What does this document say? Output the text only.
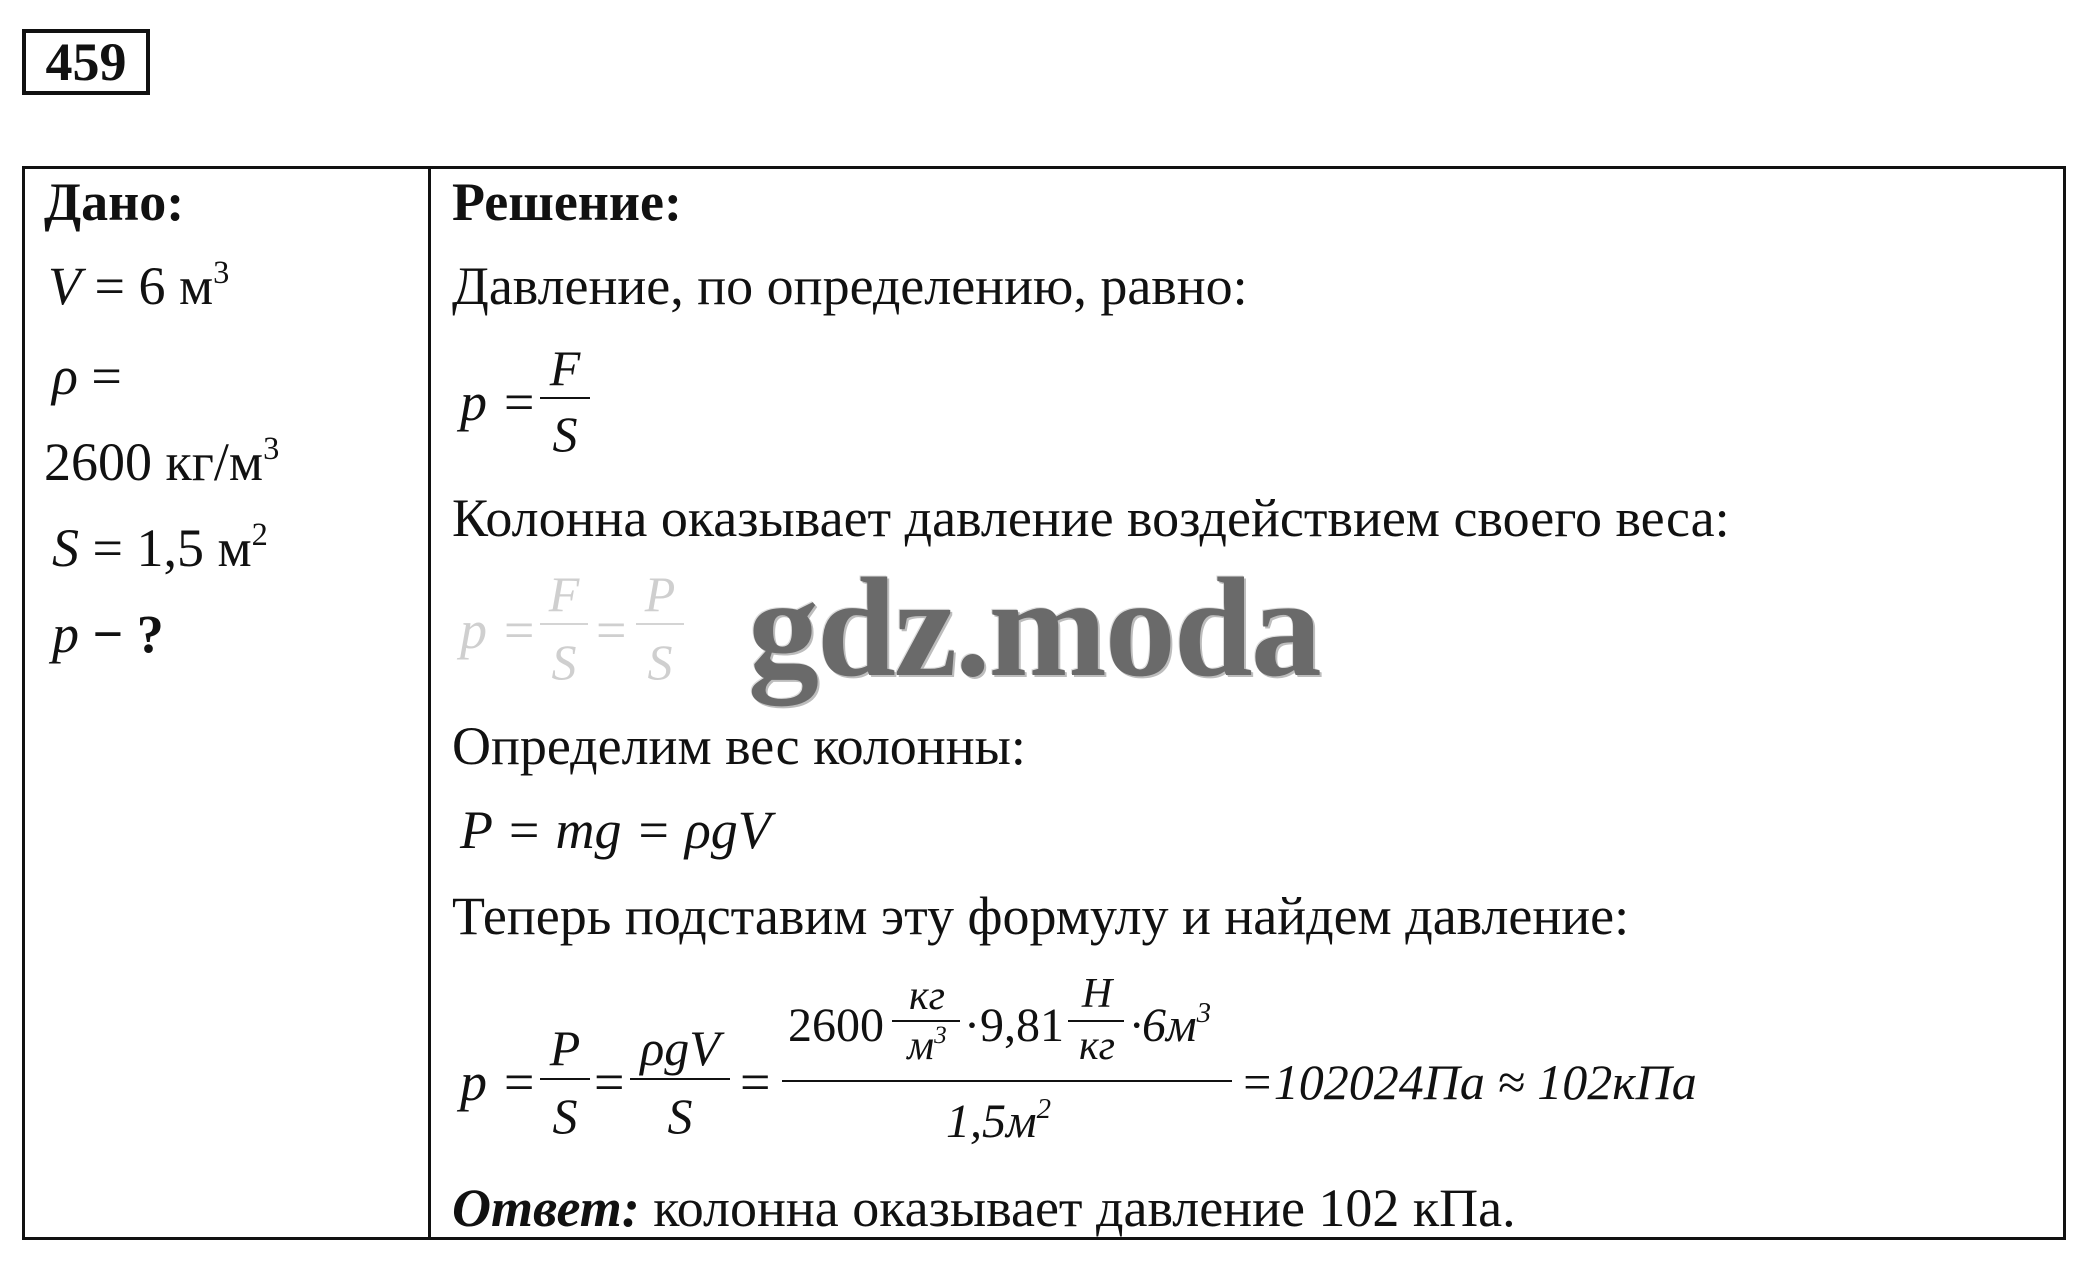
459
Дано:
V = 6 $м^3$
ρ =
2600 $кг/м^3$
S = 1,5 $м^2$
p − ?
Решение:
Давление, по определению, равно:
p =
F
S
Колонна оказывает давление воздействием своего веса:
p =
F
S
=
P
S gdz.moda
Определим вес колонны:
P = mg = ρgV
Теперь подставим эту формулу и найдем давление:
p =
P
S
=
ρgV
S
=
2600
кг
$м^3 \cdot 9,81$
Н
кг $\cdot 6м^3$
$1,5м^2$	=102024Па ≈ 102кПа
Ответ: колонна оказывает давление 102 кПа.
